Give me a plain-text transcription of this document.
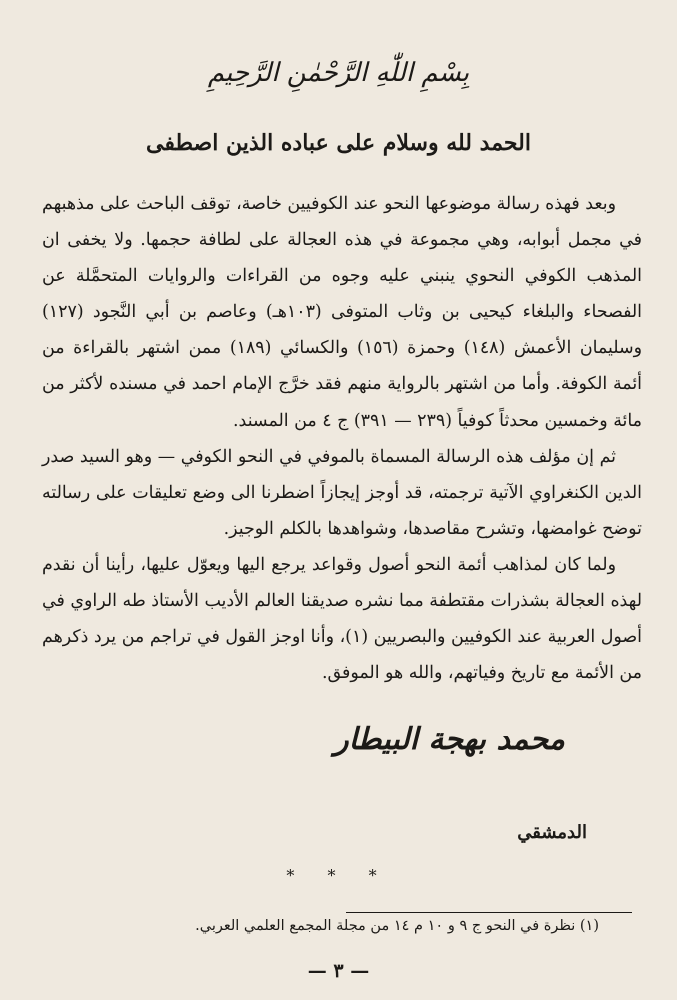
بِسْمِ اللّٰهِ الرَّحْمٰنِ الرَّحِيمِ
الحمد لله وسلام على عباده الذين اصطفى

وبعد فهذه رسالة موضوعها النحو عند الكوفيين خاصة، توقف الباحث على مذهبهم في مجمل أبوابه، وهي مجموعة في هذه العجالة على لطافة حجمها. ولا يخفى ان المذهب الكوفي النحوي ينبني عليه وجوه من القراءات والروايات المتحمَّلة عن الفصحاء والبلغاء كيحيى بن وثاب المتوفى (١٠٣هـ) وعاصم بن أبي النَّجود (١٢٧) وسليمان الأعمش (١٤٨) وحمزة (١٥٦) والكسائي (١٨٩) ممن اشتهر بالقراءة من أئمة الكوفة. وأما من اشتهر بالرواية منهم فقد خرَّج الإمام احمد في مسنده لأكثر من مائة وخمسين محدثاً كوفياً (٢٣٩ — ٣٩١) ج ٤ من المسند.

ثم إن مؤلف هذه الرسالة المسماة بالموفي في النحو الكوفي — وهو السيد صدر الدين الكنغراوي الآتية ترجمته، قد أوجز إيجازاً اضطرنا الى وضع تعليقات على رسالته توضح غوامضها، وتشرح مقاصدها، وشواهدها بالكلم الوجيز.

ولما كان لمذاهب أئمة النحو أصول وقواعد يرجع اليها ويعوّل عليها، رأينا أن نقدم لهذه العجالة بشذرات مقتطفة مما نشره صديقنا العالم الأديب الأستاذ طه الراوي في أصول العربية عند الكوفيين والبصريين (١)، وأنا اوجز القول في تراجم من يرد ذكرهم من الأئمة مع تاريخ وفياتهم، والله هو الموفق.

محمد بهجة البيطار
الدمشقي
* * *
(١) نظرة في النحو ج ٩ و ١٠ م ١٤ من مجلة المجمع العلمي العربي.
— ٣ —
